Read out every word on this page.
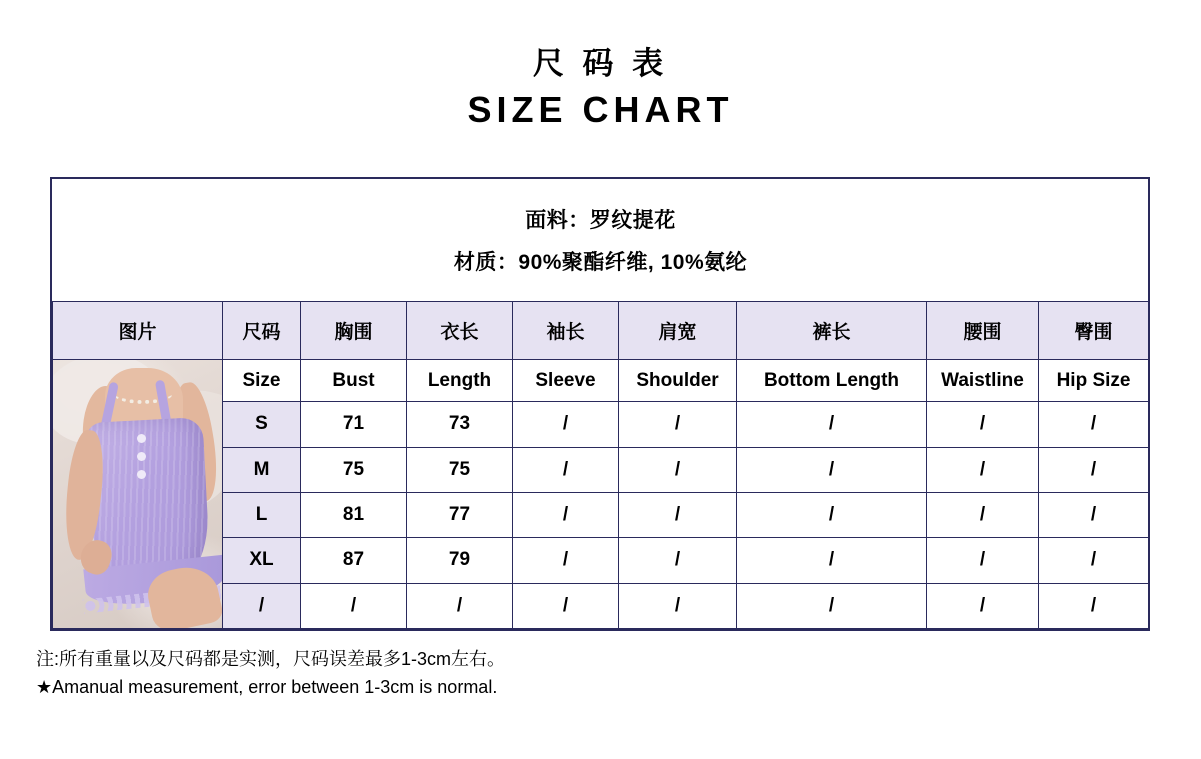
尺 码 表
SIZE CHART
面料：罗纹提花
材质：90%聚酯纤维, 10%氨纶								

图片	尺码	胸围	衣长	袖长	肩宽	裤长	腰围	臀围

	Size	Bust	Length	Sleeve	Shoulder	Bottom Length	Waistline	Hip Size
	S	71	73	/	/	/	/	/
	M	75	75	/	/	/	/	/
	L	81	77	/	/	/	/	/
	XL	87	79	/	/	/	/	/
	/	/	/	/	/	/	/	/
注:所有重量以及尺码都是实测，尺码误差最多1-3cm左右。
★Amanual measurement, error between 1-3cm is normal.
